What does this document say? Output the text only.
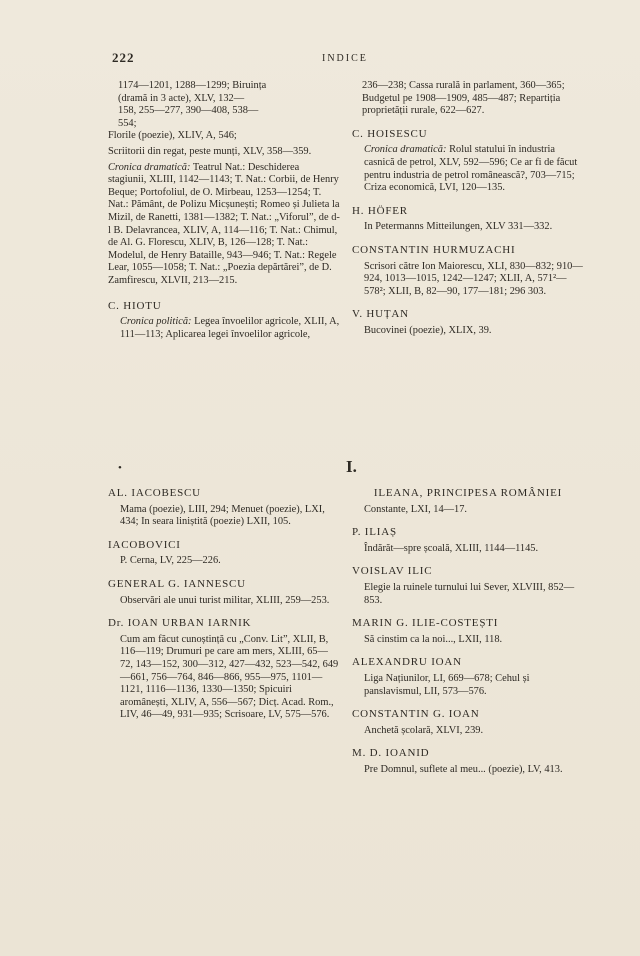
222	INDICE

1174—1201, 1288—1299; Biruința

(dramă in 3 acte), XLV, 132—

158, 255—277, 390—408, 538—

554;

Florile (poezie), XLIV, A, 546;

Scriitorii din regat, peste munți, XLV, 358—359.

Cronica dramatică: Teatrul Nat.: Deschiderea stagiunii, XLIII, 1142—1143; T. Nat.: Corbii, de Henry Beque; Portofoliul, de O. Mirbeau, 1253—1254; T. Nat.: Pământ, de Polizu Micșunești; Romeo și Julieta la Mizil, de Ranetti, 1381—1382; T. Nat.: „Viforul”, de d-l B. Delavrancea, XLIV, A, 114—116; T. Nat.: Chimul, de Al. G. Florescu, XLIV, B, 126—128; T. Nat.: Modelul, de Henry Bataille, 943—946; T. Nat.: Regele Lear, 1055—1058; T. Nat.: „Poezia depărtărei”, de D. Zamfirescu, XLVII, 213—215.

C. HIOTU

Cronica politică: Legea învoelilor agricole, XLII, A, 111—113; Aplicarea legei învoelilor agricole,

236—238; Cassa rurală in parlament, 360—365; Budgetul pe 1908—1909, 485—487; Repartiția proprietății rurale, 622—627.

C. HOISESCU

Cronica dramatică: Rolul statului în industria casnică de petrol, XLV, 592—596; Ce ar fi de făcut pentru industria de petrol românească?, 703—715; Criza economică, LVI, 120—135.

H. HÖFER

In Petermanns Mitteilungen, XLV 331—332.

CONSTANTIN HURMUZACHI

Scrisori către Ion Maiorescu, XLI, 830—832; 910—924, 1013—1015, 1242—1247; XLII, A, 571²—578²; XLII, B, 82—90, 177—181; 296 303.

V. HUȚAN

Bucovinei (poezie), XLIX, 39.

•	I.

AL. IACOBESCU

Mama (poezie), LIII, 294; Menuet (poezie), LXI, 434; In seara liniștită (poezie) LXII, 105.

IACOBOVICI

P. Cerna, LV, 225—226.

GENERAL G. IANNESCU

Observări ale unui turist militar, XLIII, 259—253.

Dr. IOAN URBAN IARNIK

Cum am făcut cunoștință cu „Conv. Lit”, XLII, B, 116—119; Drumuri pe care am mers, XLIII, 65—72, 143—152, 300—312, 427—432, 523—542, 649—661, 756—764, 846—866, 955—975, 1101—1121, 1116—1136, 1330—1350; Spicuiri aromânești, XLIV, A, 556—567; Dicț. Acad. Rom., LIV, 46—49, 931—935; Scrisoare, LV, 575—576.

ILEANA, PRINCIPESA ROMÂNIEI

Constante, LXI, 14—17.

P. ILIAȘ

Îndărăt—spre școală, XLIII, 1144—1145.

VOISLAV ILIC

Elegie la ruinele turnului lui Sever, XLVIII, 852—853.

MARIN G. ILIE-COSTEȘTI

Să cinstim ca la noi..., LXII, 118.

ALEXANDRU IOAN

Liga Națiunilor, LI, 669—678; Cehul și panslavismul, LII, 573—576.

CONSTANTIN G. IOAN

Anchetă școlară, XLVI, 239.

M. D. IOANID

Pre Domnul, suflete al meu... (poezie), LV, 413.
